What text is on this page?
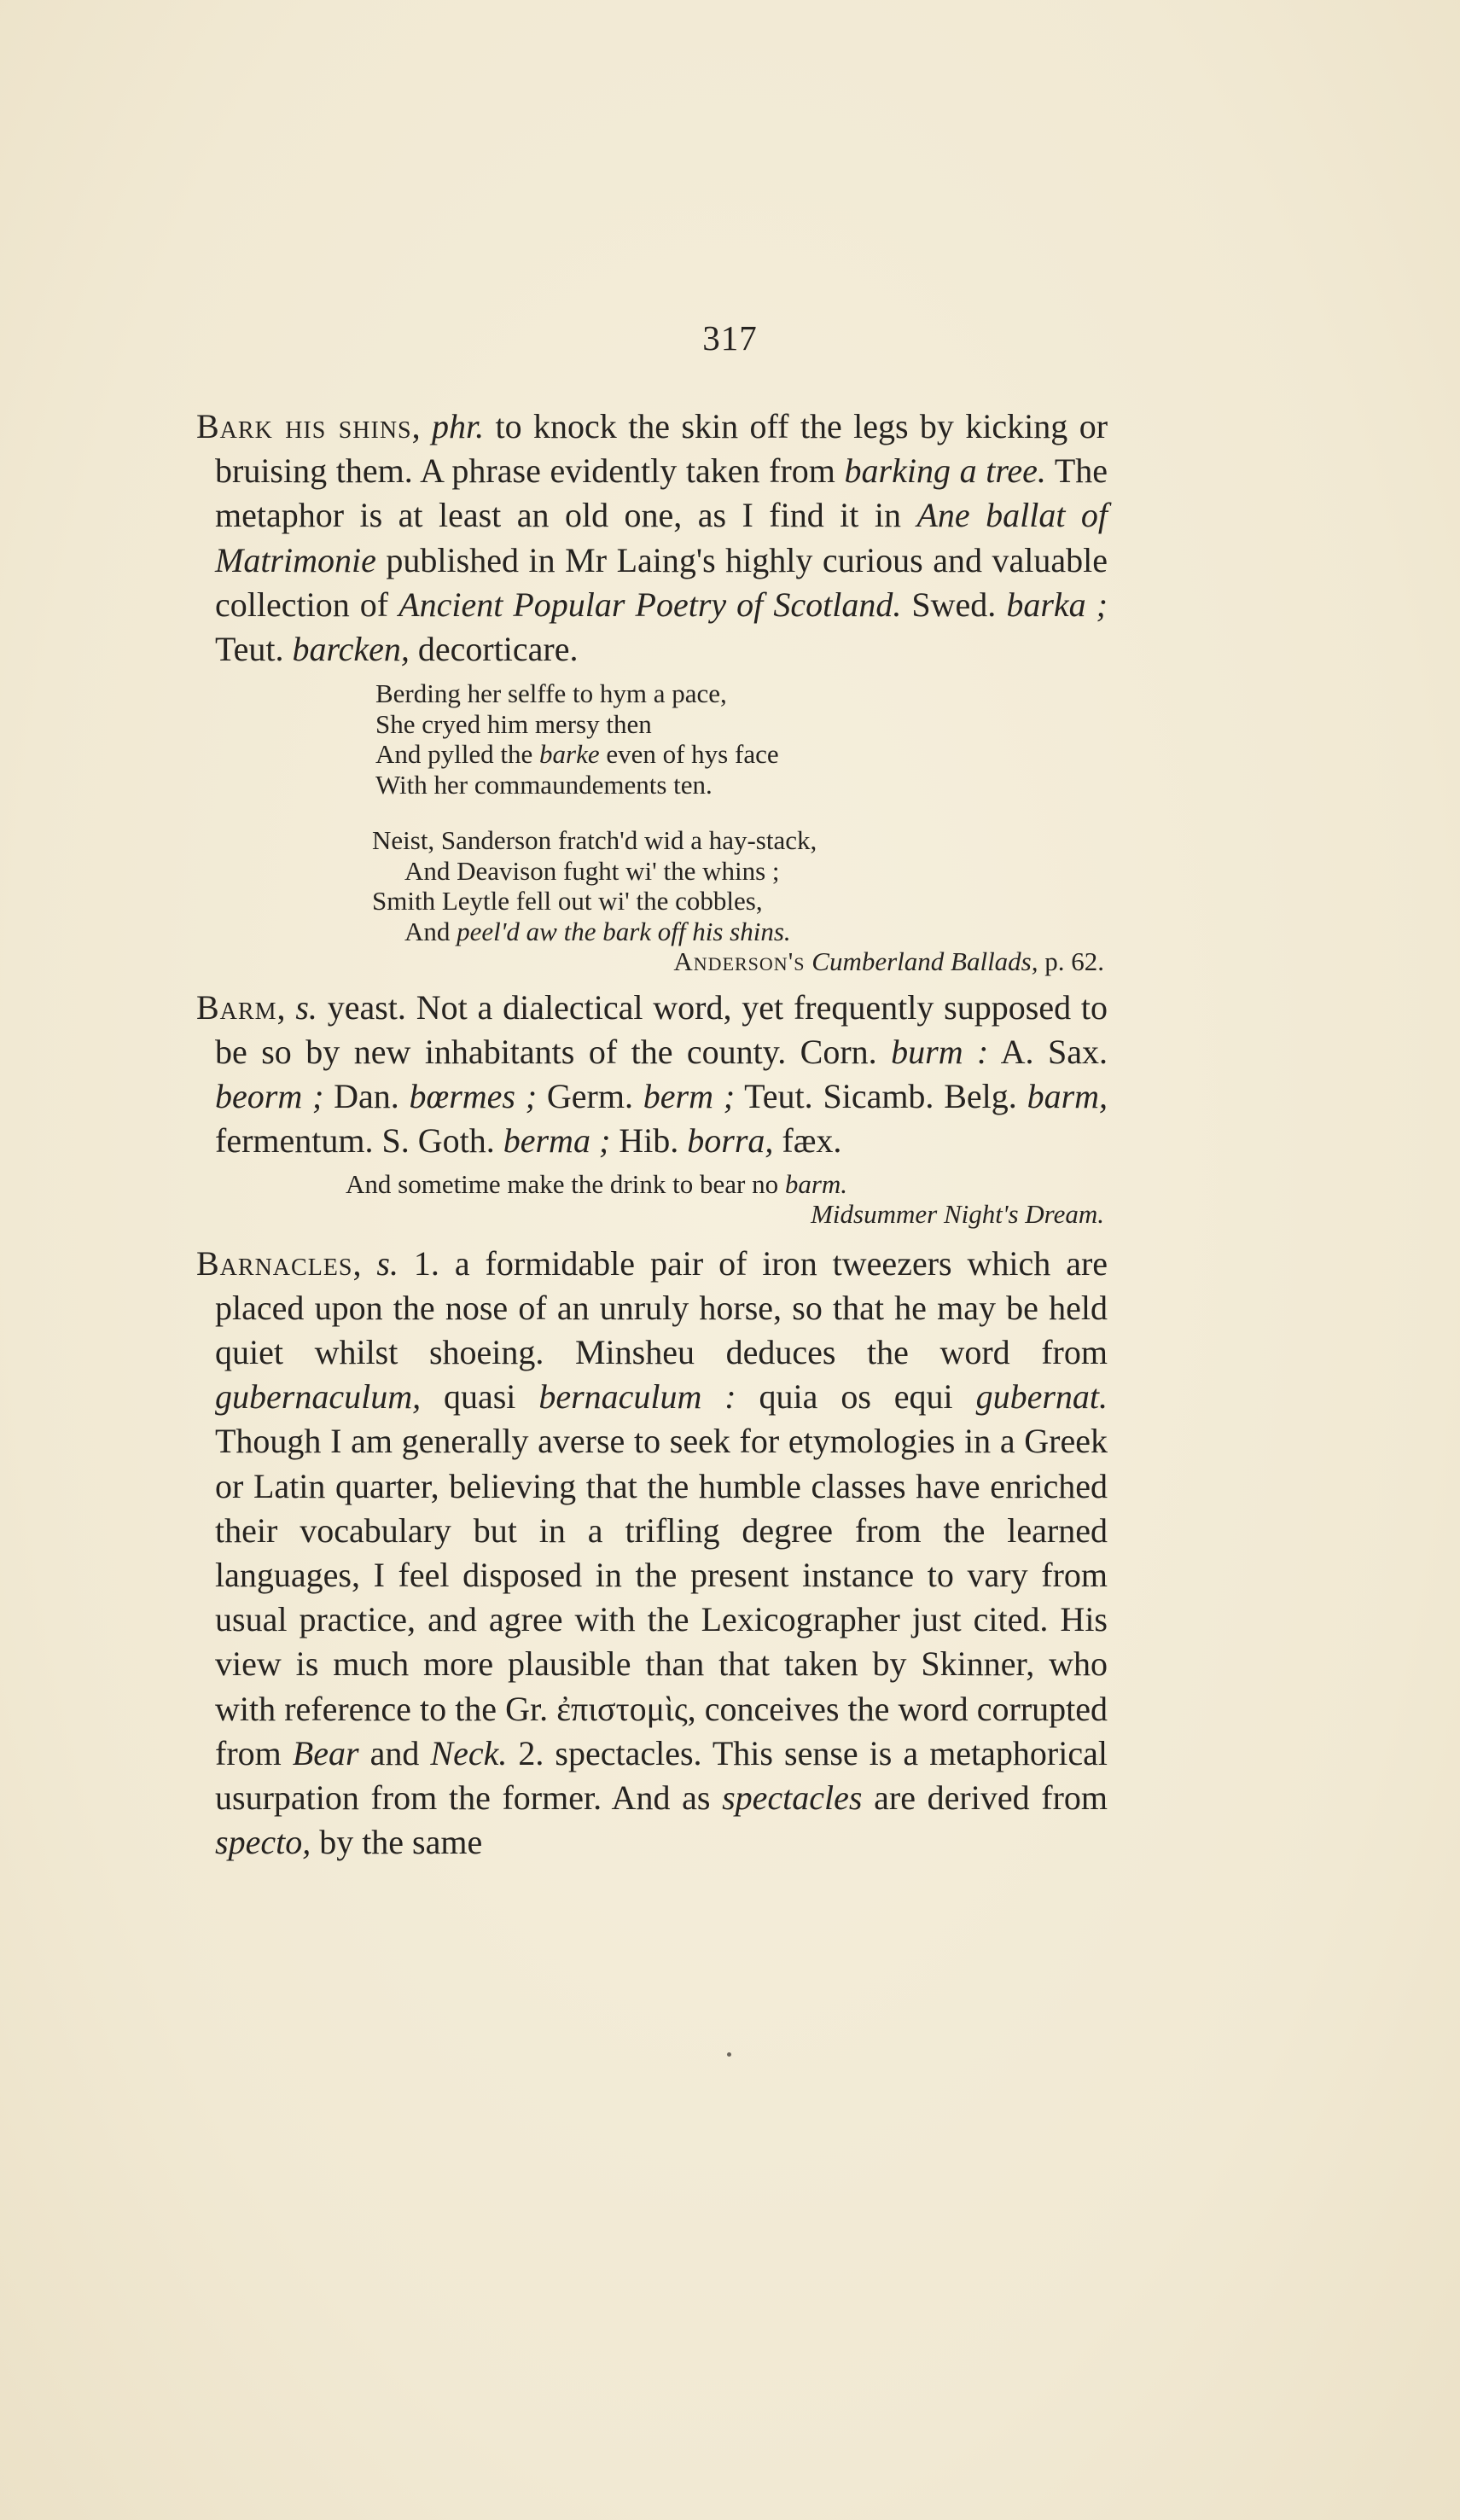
317

Bark his shins, phr. to knock the skin off the legs by kicking or bruising them. A phrase evidently taken from barking a tree. The metaphor is at least an old one, as I find it in Ane ballat of Matrimonie published in Mr Laing's highly curious and valuable collection of Ancient Popular Poetry of Scotland. Swed. barka ; Teut. barcken, decorticare.

Berding her selffe to hym a pace,
She cryed him mersy then
And pylled the barke even of hys face
With her commaundements ten.
Neist, Sanderson fratch'd wid a hay-stack,
And Deavison fught wi' the whins ;
Smith Leytle fell out wi' the cobbles,
And peel'd aw the bark off his shins.
Anderson's Cumberland Ballads, p. 62.

Barm, s. yeast. Not a dialectical word, yet frequently supposed to be so by new inhabitants of the county. Corn. burm : A. Sax. beorm ; Dan. bœrmes ; Germ. berm ; Teut. Sicamb. Belg. barm, fermentum. S. Goth. berma ; Hib. borra, fæx.

And sometime make the drink to bear no barm.
Midsummer Night's Dream.

Barnacles, s. 1. a formidable pair of iron tweezers which are placed upon the nose of an unruly horse, so that he may be held quiet whilst shoeing. Minsheu deduces the word from gubernaculum, quasi bernaculum : quia os equi gubernat. Though I am generally averse to seek for etymologies in a Greek or Latin quarter, believing that the humble classes have enriched their vocabulary but in a trifling degree from the learned languages, I feel disposed in the present instance to vary from usual practice, and agree with the Lexicographer just cited. His view is much more plausible than that taken by Skinner, who with reference to the Gr. ἐπιστομὶς, conceives the word corrupted from Bear and Neck. 2. spectacles. This sense is a metaphorical usurpation from the former. And as spectacles are derived from specto, by the same
